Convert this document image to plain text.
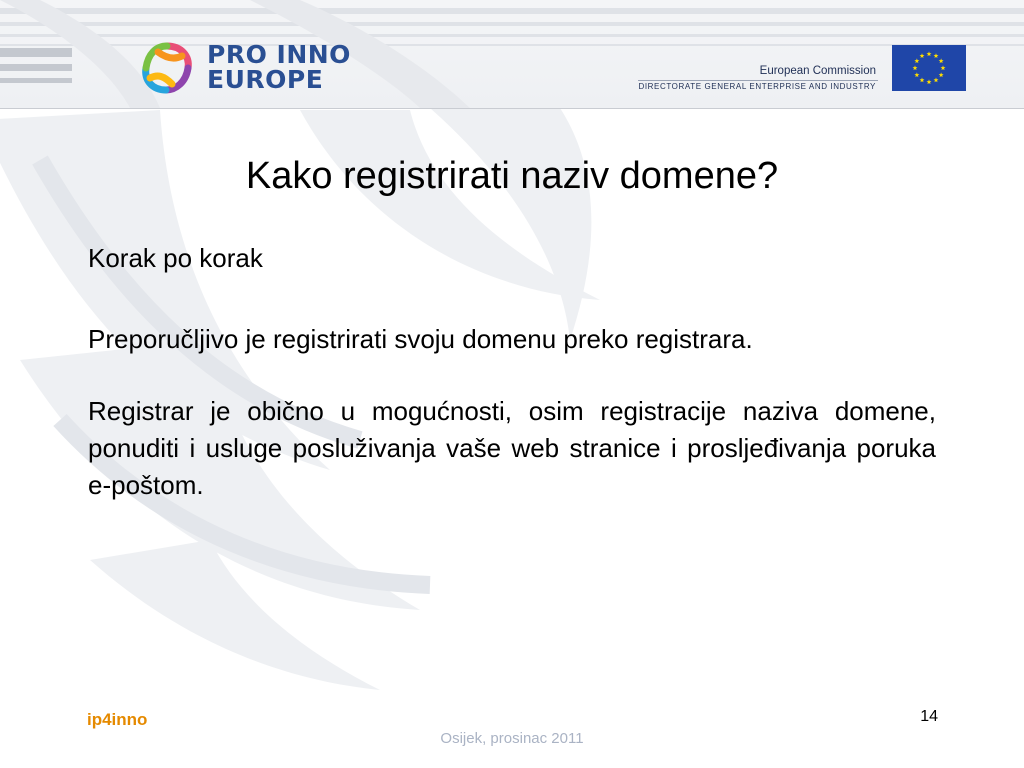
PRO INNO
EUROPE	European Commission
DIRECTORATE GENERAL ENTERPRISE AND INDUSTRY
Kako registrirati naziv domene?

Korak po korak

Preporučljivo je registrirati svoju domenu preko registrara.

Registrar je obično u mogućnosti, osim registracije naziva domene, ponuditi i usluge posluživanja vaše web stranice i prosljeđivanja poruka e-poštom.

ip4inno
Osijek, prosinac 2011
14
